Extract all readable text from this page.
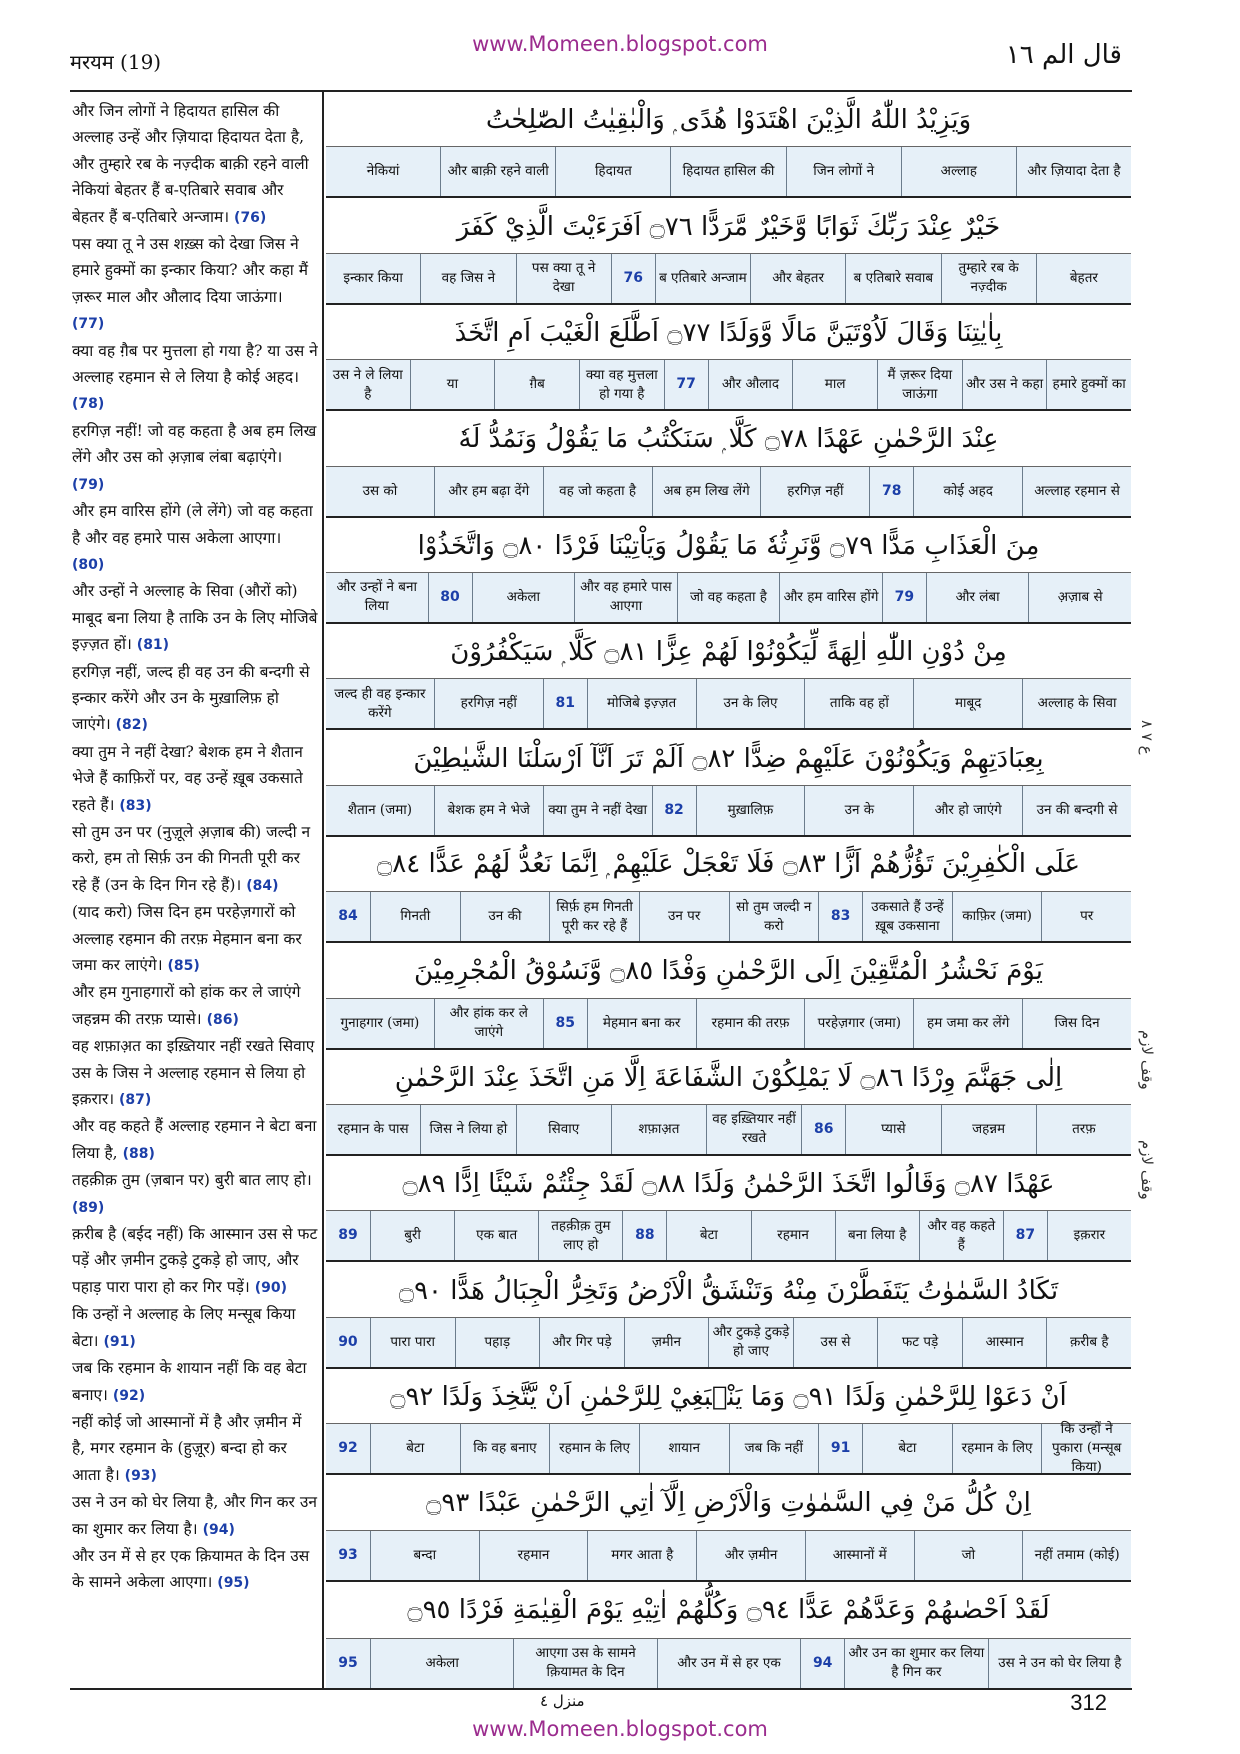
www.Momeen.blogspot.com
मरयम (19)	قال الم ١٦
और जिन लोगों ने हिदायत हासिल की अल्लाह उन्हें और ज़ियादा हिदायत देता है, और तुम्हारे रब के नज़्दीक बाक़ी रहने वाली नेकियां बेहतर हैं ब-एतिबारे सवाब और बेहतर हैं ब-एतिबारे अन्जाम। (76)
पस क्या तू ने उस शख़्स को देखा जिस ने हमारे हुक्मों का इन्कार किया? और कहा मैं ज़रूर माल और औलाद दिया जाऊंगा। (77)
क्या वह ग़ैब पर मुत्तला हो गया है? या उस ने अल्लाह रहमान से ले लिया है कोई अहद। (78)
हरगिज़ नहीं! जो वह कहता है अब हम लिख लेंगे और उस को अ़ज़ाब लंबा बढ़ाएंगे। (79)
और हम वारिस होंगे (ले लेंगे) जो वह कहता है और वह हमारे पास अकेला आएगा। (80)
और उन्हों ने अल्लाह के सिवा (औरों को) माबूद बना लिया है ताकि उन के लिए मोजिबे इज़्ज़त हों। (81)
हरगिज़ नहीं, जल्द ही वह उन की बन्दगी से इन्कार करेंगे और उन के मुख़ालिफ़ हो जाएंगे। (82)
क्या तुम ने नहीं देखा? बेशक हम ने शैतान भेजे हैं काफ़िरों पर, वह उन्हें ख़ूब उकसाते रहते हैं। (83)
सो तुम उन पर (नुज़ूले अ़ज़ाब की) जल्दी न करो, हम तो सिर्फ़ उन की गिनती पूरी कर रहे हैं (उन के दिन गिन रहे हैं)। (84)
(याद करो) जिस दिन हम परहेज़गारों को अल्लाह रहमान की तरफ़ मेहमान बना कर जमा कर लाएंगे। (85)
और हम गुनाहगारों को हांक कर ले जाएंगे जहन्नम की तरफ़ प्यासे। (86)
वह शफ़ाअ़त का इख़्तियार नहीं रखते सिवाए उस के जिस ने अल्लाह रहमान से लिया हो इक़रार। (87)
और वह कहते हैं अल्लाह रहमान ने बेटा बना लिया है, (88)
तहक़ीक़ तुम (ज़बान पर) बुरी बात लाए हो। (89)
क़रीब है (बईद नहीं) कि आस्मान उस से फट पड़ें और ज़मीन टुकड़े टुकड़े हो जाए, और पहाड़ पारा पारा हो कर गिर पड़ें। (90)
कि उन्हों ने अल्लाह के लिए मन्सूब किया बेटा। (91)
जब कि रहमान के शायान नहीं कि वह बेटा बनाए। (92)
नहीं कोई जो आस्मानों में है और ज़मीन में है, मगर रहमान के (हुज़ूर) बन्दा हो कर आता है। (93)
उस ने उन को घेर लिया है, और गिन कर उन का शुमार कर लिया है। (94)
और उन में से हर एक क़ियामत के दिन उस के सामने अकेला आएगा। (95)

وَيَزِيْدُ اللّٰهُ الَّذِيْنَ اهْتَدَوْا هُدًى ۭ وَالْبٰقِيٰتُ الصّٰلِحٰتُ
और ज़ियादा देता है
अल्लाह
जिन लोगों ने
हिदायत हासिल की
हिदायत
और बाक़ी रहने वाली
नेकियां
خَيْرٌ عِنْدَ رَبِّكَ ثَوَابًا وَّخَيْرٌ مَّرَدًّا ۝٧٦ اَفَرَءَيْتَ الَّذِيْ كَفَرَ
बेहतर
तुम्हारे रब के नज़्दीक
ब एतिबारे सवाब
और बेहतर
ब एतिबारे अन्जाम
76
पस क्या तू ने देखा
वह जिस ने
इन्कार किया
بِاٰيٰتِنَا وَقَالَ لَاُوْتَيَنَّ مَالًا وَّوَلَدًا ۝٧٧ اَطَّلَعَ الْغَيْبَ اَمِ اتَّخَذَ
हमारे हुक्मों का
और उस ने कहा
मैं ज़रूर दिया जाऊंगा
माल
और औलाद
77
क्या वह मुत्तला हो गया है
ग़ैब
या
उस ने ले लिया है
عِنْدَ الرَّحْمٰنِ عَهْدًا ۝٧٨ كَلَّا ۭ سَنَكْتُبُ مَا يَقُوْلُ وَنَمُدُّ لَهٗ
अल्लाह रहमान से
कोई अहद
78
हरगिज़ नहीं
अब हम लिख लेंगे
वह जो कहता है
और हम बढ़ा देंगे
उस को
مِنَ الْعَذَابِ مَدًّا ۝٧٩ وَّنَرِثُهٗ مَا يَقُوْلُ وَيَاْتِيْنَا فَرْدًا ۝٨٠ وَاتَّخَذُوْا
अ़ज़ाब से
और लंबा
79
और हम वारिस होंगे
जो वह कहता है
और वह हमारे पास आएगा
अकेला
80
और उन्हों ने बना लिया
مِنْ دُوْنِ اللّٰهِ اٰلِهَةً لِّيَكُوْنُوْا لَهُمْ عِزًّا ۝٨١ كَلَّا ۭ سَيَكْفُرُوْنَ
अल्लाह के सिवा
माबूद
ताकि वह हों
उन के लिए
मोजिबे इज़्ज़त
81
हरगिज़ नहीं
जल्द ही वह इन्कार करेंगे
بِعِبَادَتِهِمْ وَيَكُوْنُوْنَ عَلَيْهِمْ ضِدًّا ۝٨٢ اَلَمْ تَرَ اَنَّآ اَرْسَلْنَا الشَّيٰطِيْنَ
उन की बन्दगी से
और हो जाएंगे
उन के
मुख़ालिफ़
82
क्या तुम ने नहीं देखा
बेशक हम ने भेजे
शैतान (जमा)
عَلَى الْكٰفِرِيْنَ تَؤُزُّهُمْ اَزًّا ۝٨٣ فَلَا تَعْجَلْ عَلَيْهِمْ ۭ اِنَّمَا نَعُدُّ لَهُمْ عَدًّا ۝٨٤
पर
काफ़िर (जमा)
उकसाते हैं उन्हें ख़ूब उकसाना
83
सो तुम जल्दी न करो
उन पर
सिर्फ़ हम गिनती पूरी कर रहे हैं
उन की
गिनती
84
يَوْمَ نَحْشُرُ الْمُتَّقِيْنَ اِلَى الرَّحْمٰنِ وَفْدًا ۝٨٥ وَّنَسُوْقُ الْمُجْرِمِيْنَ
जिस दिन
हम जमा कर लेंगे
परहेज़गार (जमा)
रहमान की तरफ़
मेहमान बना कर
85
और हांक कर ले जाएंगे
गुनाहगार (जमा)
اِلٰى جَهَنَّمَ وِرْدًا ۝٨٦ لَا يَمْلِكُوْنَ الشَّفَاعَةَ اِلَّا مَنِ اتَّخَذَ عِنْدَ الرَّحْمٰنِ
तरफ़
जहन्नम
प्यासे
86
वह इख़्तियार नहीं रखते
शफ़ाअ़त
सिवाए
जिस ने लिया हो
रहमान के पास
عَهْدًا ۝٨٧ وَقَالُوا اتَّخَذَ الرَّحْمٰنُ وَلَدًا ۝٨٨ لَقَدْ جِئْتُمْ شَيْئًا اِدًّا ۝٨٩
इक़रार
87
और वह कहते हैं
बना लिया है
रहमान
बेटा
88
तहक़ीक़ तुम लाए हो
एक बात
बुरी
89
تَكَادُ السَّمٰوٰتُ يَتَفَطَّرْنَ مِنْهُ وَتَنْشَقُّ الْاَرْضُ وَتَخِرُّ الْجِبَالُ هَدًّا ۝٩٠
क़रीब है
आस्मान
फट पड़े
उस से
और टुकड़े टुकड़े हो जाए
ज़मीन
और गिर पड़े
पहाड़
पारा पारा
90
اَنْ دَعَوْا لِلرَّحْمٰنِ وَلَدًا ۝٩١ وَمَا يَنْۢبَغِيْ لِلرَّحْمٰنِ اَنْ يَّتَّخِذَ وَلَدًا ۝٩٢
कि उन्हों ने पुकारा (मन्सूब किया)
रहमान के लिए
बेटा
91
जब कि नहीं
शायान
रहमान के लिए
कि वह बनाए
बेटा
92
اِنْ كُلُّ مَنْ فِي السَّمٰوٰتِ وَالْاَرْضِ اِلَّآ اٰتِي الرَّحْمٰنِ عَبْدًا ۝٩٣
नहीं तमाम (कोई)
जो
आस्मानों में
और ज़मीन
मगर आता है
रहमान
बन्दा
93
لَقَدْ اَحْصٰىهُمْ وَعَدَّهُمْ عَدًّا ۝٩٤ وَكُلُّهُمْ اٰتِيْهِ يَوْمَ الْقِيٰمَةِ فَرْدًا ۝٩٥
उस ने उन को घेर लिया है
और उन का शुमार कर लिया है गिन कर
94
और उन में से हर एक
आएगा उस के सामने क़ियामत के दिन
अकेला
95
ع ٧ ٨
وقف لازم
وقف لازم
منزل ٤	312
www.Momeen.blogspot.com
